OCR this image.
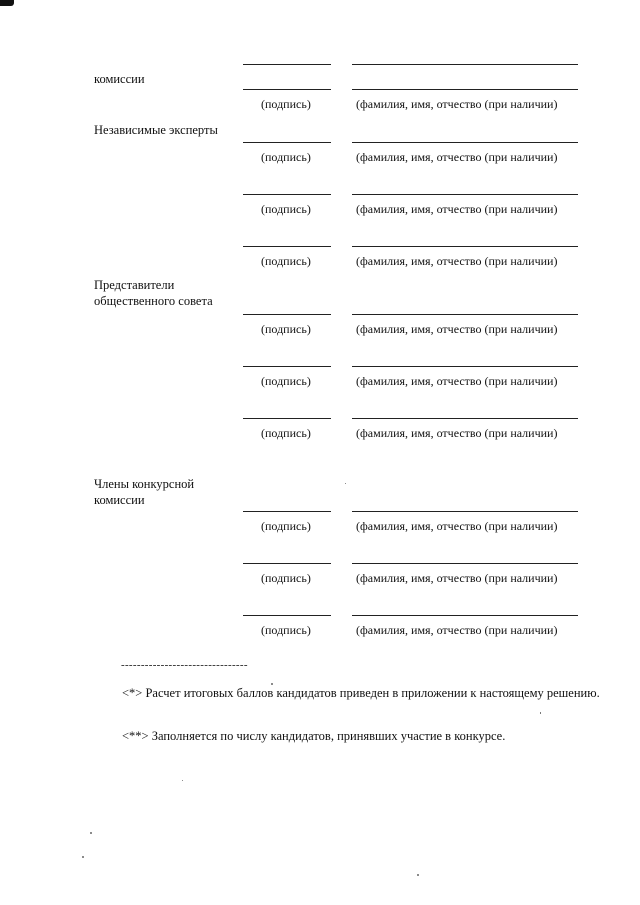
комиссии
(подпись)	(фамилия, имя, отчество (при наличии)
Независимые эксперты
(подпись)	(фамилия, имя, отчество (при наличии)
(подпись)	(фамилия, имя, отчество (при наличии)
(подпись)	(фамилия, имя, отчество (при наличии)
Представители
общественного совета
(подпись)	(фамилия, имя, отчество (при наличии)
(подпись)	(фамилия, имя, отчество (при наличии)
(подпись)	(фамилия, имя, отчество (при наличии)
Члены конкурсной
комиссии
(подпись)	(фамилия, имя, отчество (при наличии)
(подпись)	(фамилия, имя, отчество (при наличии)
(подпись)	(фамилия, имя, отчество (при наличии)
--------------------------------
<*> Расчет итоговых баллов кандидатов приведен в приложении к настоящему решению.
<**> Заполняется по числу кандидатов, принявших участие в конкурсе.
